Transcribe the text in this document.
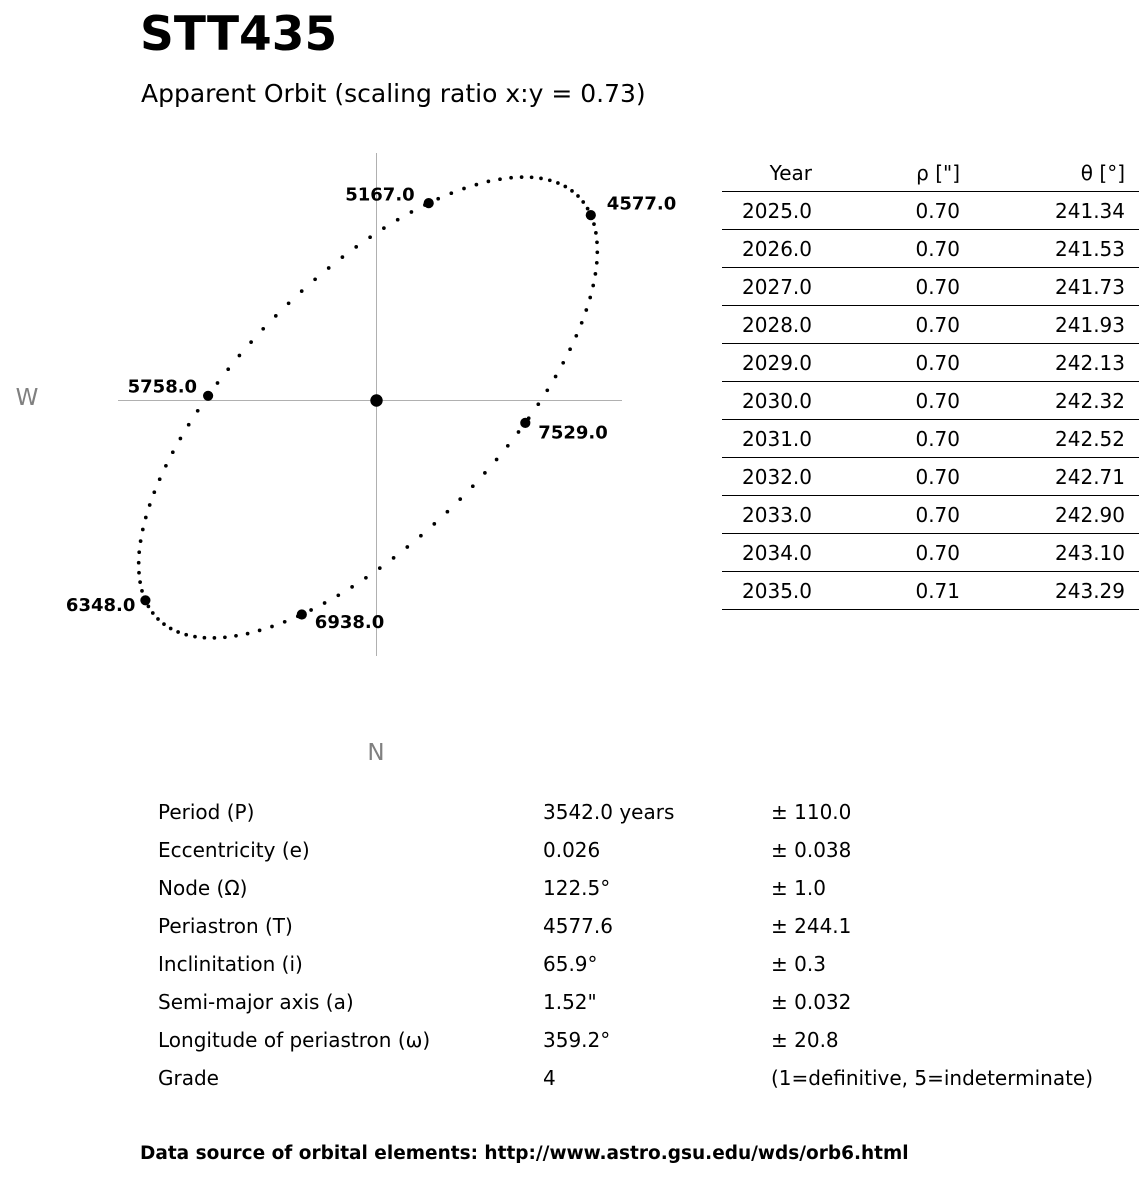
STT435
Apparent Orbit (scaling ratio x:y = 0.73)
W
N
4577.0
5167.0
5758.0
6348.0
6938.0
7529.0
Year	ρ ["]	θ [°]
2025.0	0.70	241.34
2026.0	0.70	241.53
2027.0	0.70	241.73
2028.0	0.70	241.93
2029.0	0.70	242.13
2030.0	0.70	242.32
2031.0	0.70	242.52
2032.0	0.70	242.71
2033.0	0.70	242.90
2034.0	0.70	243.10
2035.0	0.71	243.29
Period (P)	3542.0 years	± 110.0
Eccentricity (e)	0.026	± 0.038
Node (Ω)	122.5°	± 1.0
Periastron (T)	4577.6	± 244.1
Inclinitation (i)	65.9°	± 0.3
Semi-major axis (a)	1.52"	± 0.032
Longitude of periastron (ω)	359.2°	± 20.8
Grade	4	(1=definitive, 5=indeterminate)
Data source of orbital elements: http://www.astro.gsu.edu/wds/orb6.html
